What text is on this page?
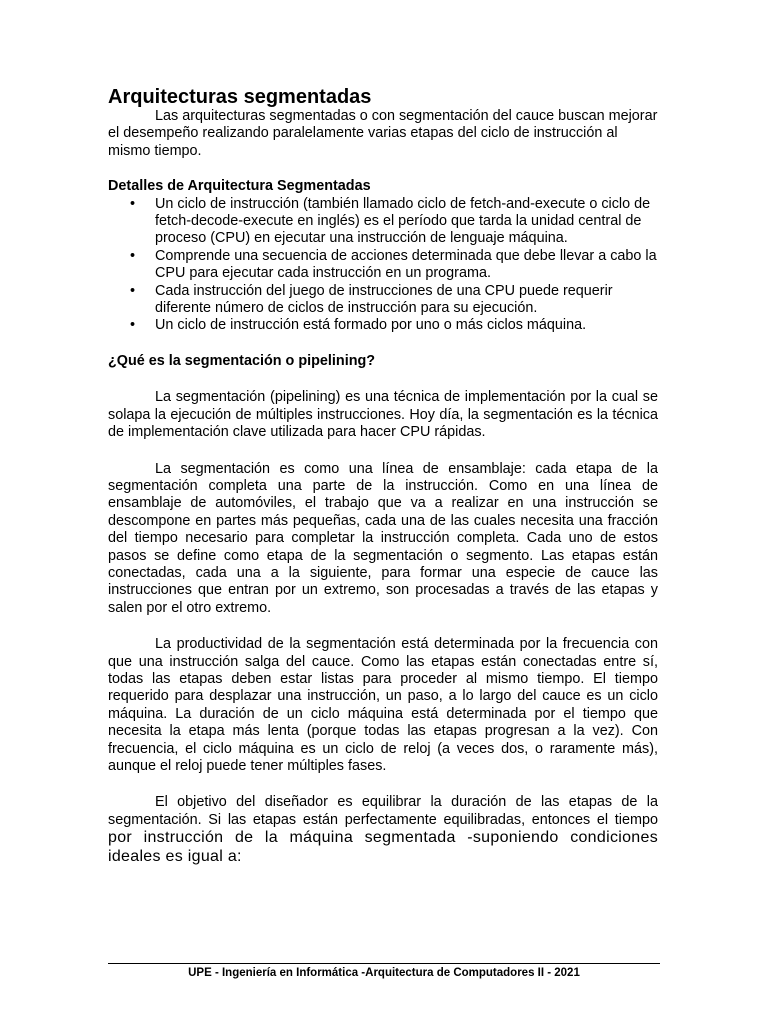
Arquitecturas segmentadas

Las arquitecturas segmentadas o con segmentación del cauce buscan mejorar el desempeño realizando paralelamente varias etapas del ciclo de instrucción al mismo tiempo.

Detalles de Arquitectura Segmentadas
• Un ciclo de instrucción (también llamado ciclo de fetch-and-execute o ciclo de fetch-decode-execute en inglés) es el período que tarda la unidad central de proceso (CPU) en ejecutar una instrucción de lenguaje máquina.
• Comprende una secuencia de acciones determinada que debe llevar a cabo la CPU para ejecutar cada instrucción en un programa.
• Cada instrucción del juego de instrucciones de una CPU puede requerir diferente número de ciclos de instrucción para su ejecución.
• Un ciclo de instrucción está formado por uno o más ciclos máquina.
¿Qué es la segmentación o pipelining?

La segmentación (pipelining) es una técnica de implementación por la cual se solapa la ejecución de múltiples instrucciones. Hoy día, la segmentación es la técnica de implementación clave utilizada para hacer CPU rápidas.

La segmentación es como una línea de ensamblaje: cada etapa de la segmentación completa una parte de la instrucción. Como en una línea de ensamblaje de automóviles, el trabajo que va a realizar en una instrucción se descompone en partes más pequeñas, cada una de las cuales necesita una fracción del tiempo necesario para completar la instrucción completa. Cada uno de estos pasos se define como etapa de la segmentación o segmento. Las etapas están conectadas, cada una a la siguiente, para formar una especie de cauce las instrucciones que entran por un extremo, son procesadas a través de las etapas y salen por el otro extremo.

La productividad de la segmentación está determinada por la frecuencia con que una instrucción salga del cauce. Como las etapas están conectadas entre sí, todas las etapas deben estar listas para proceder al mismo tiempo. El tiempo requerido para desplazar una instrucción, un paso, a lo largo del cauce es un ciclo máquina. La duración de un ciclo máquina está determinada por el tiempo que necesita la etapa más lenta (porque todas las etapas progresan a la vez). Con frecuencia, el ciclo máquina es un ciclo de reloj (a veces dos, o raramente más), aunque el reloj puede tener múltiples fases.

El objetivo del diseñador es equilibrar la duración de las etapas de la segmentación. Si las etapas están perfectamente equilibradas, entonces el tiempo por instrucción de la máquina segmentada -suponiendo condiciones ideales es igual a:

UPE - Ingeniería en Informática -Arquitectura de Computadores II - 2021
